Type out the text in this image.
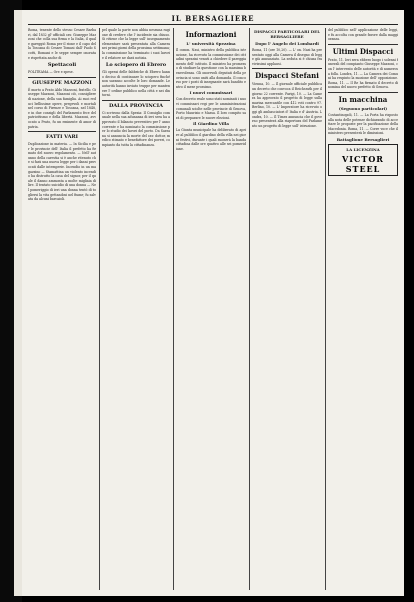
IL BERSAGLIERE
Roma, tenente dello stesso Cesare Barbari, dal 1832 gl' ufficiali cav. Giuseppe Mazzoni che colla sua firma e la Italia, il quale gareggiò Roma per il rione e il capo della Toscana di Cesare Tomasi dall' Paolo Scotti, Romani e le seppe sempre onorata e rispettata anche di
Spettacoli
POLITEAMA — Ore e spese.
GIUSEPPE MAZZONI
È morto a Prato Aldo Mazzoni, fratello. Giuseppe Mazzoni, Mazzoni ciò, consigliere di nazione, della sua famiglia. Ai suoi reduci bellissime opere, pregevoli e mortali nel corso di Firenze e Toscana, nel 1848, e in due consigli del Parlamento fece del patriottismo e della libertà. Mazzoni, avvocato a Prato, fu un eminente di amor di patria.
FATTI VARI
Duplicazione in materia. — In Sicilia e per le provincie dell' Italia il prefetto ha firmato del nuovo regolamento. — Nell' autunno della carestia si è anche ritenuto che si farà una nuova legge per i danni provocati dalle intemperie. Incendio in un magazzino — Stamattina un violento incendio ha distrutto la casa del signor, per il quale il danno ammonta a molte migliaia di lire. Il tentato suicidio di una donna — Nel pomeriggio di ieri una donna tentò di togliersi la vita gettandosi nel fiume; fu salvata da alcuni barcaioli.
pel quale la parte non abbia nessuna ragione di credere che l' incidente sia chiuso. Si ritiene che la legge sull' insegnamento elementare sarà presentata alla Camera nei primi giorni della prossima settimana; la commissione ha terminato i suoi lavori e il relatore ne darà notizia.
Lo sciopero di Ebrero
Gli operai delle fabbriche di Ebrero hanno deciso di continuare lo sciopero finché non saranno accolte le loro domande. Le autorità hanno inviato truppe per mantenere l' ordine pubblico nella città e nei dintorni.
DALLA PROVINCIA
Ci scrivono dalla Spezia: Il Consiglio comunale nella sua adunanza di ieri sera ha approvato il bilancio preventivo per l' anno corrente e ha nominato la commissione per lo studio dei lavori del porto. Da Sarzana si annuncia la morte del cav. dottor, medico stimato e benefattore dei poveri, compianto da tutta la cittadinanza.
Informazioni
L' università Spezzina
Il comm. Nasi, ministro della pubblica istruzione, ha ricevuto la commissione dei cittadini spezzini venuti a chiedere il pareggiamento dell' istituto. Il ministro ha promesso di studiare la questione con la massima benevolenza. Gli onorevoli deputati della provincia si sono uniti alla domanda. Il concorso per i posti di insegnante sarà bandito entro il mese prossimo.
I nuovi commissari
Con decreto reale sono stati nominati i nuovi commissari regi per le amministrazioni comunali sciolte nelle provincie di Genova, Porto Maurizio e Massa. Il loro compito sarà di preparare le nuove elezioni.
Il Giardino Villa
La Giunta municipale ha deliberato di aprire al pubblico il giardino della villa nei giorni festivi, durante i quali suonerà la banda cittadina dalle ore quattro alle sei pomeridiane.
DISPACCI PARTICOLARI DEL BERSAGLIERE
Dopo l' Angelo dei Lombardi
Roma, 11 (ore 10,20). — L' on. Nasi ha presentato oggi alla Camera il disegno di legge già annunziato. La seduta si è chiusa fra vivissimi applausi.
Dispacci Stefani
Vienna, 10. — Il giornale ufficiale pubblica un decreto che convoca il Reichsrath per il giorno 22 corrente. Parigi, 10. — La Camera ha approvato il progetto di legge sulla marina mercantile con 412 voti contro 97. Berlino, 10. — L' Imperatore ha ricevuto oggi gli ambasciatori d' Italia e d' Austria. Londra, 10. — Il Times annuncia che il governo presenterà alla riapertura del Parlamento un progetto di legge sull' istruzione.
del pubblico nell' applicazione delle leggi, e fu accolta con grande favore dalla maggioranza.
Ultimi Dispacci
Prato, 11. Ieri sera ebbero luogo i solenni funerali del compianto Giuseppe Mazzoni, con l' intervento delle autorità e di numerosa folla. Londra, 11. — La Camera dei Comuni ha respinto la mozione dell' opposizione. Roma, 11. — Il Re ha firmato il decreto di nomina del nuovo prefetto di Genova.
In macchina
(Seguono particolari)
Costantinopoli, 11. — La Porta ha risposto alla nota delle potenze dichiarando di accettare le proposte per la pacificazione della Macedonia. Roma, 11. — Corre voce che il ministero presenterà le dimissioni.
Battaglione Bersaglieri
LA LICENZINA
VICTOR STEEL
